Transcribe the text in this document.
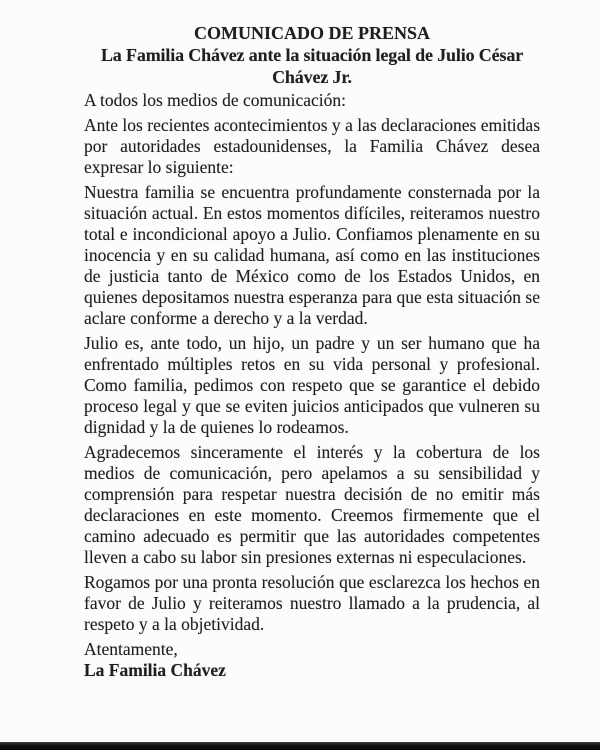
COMUNICADO DE PRENSA
La Familia Chávez ante la situación legal de Julio César Chávez Jr.

A todos los medios de comunicación:

Ante los recientes acontecimientos y a las declaraciones emitidas por autoridades estadounidenses, la Familia Chávez desea expresar lo siguiente:

Nuestra familia se encuentra profundamente consternada por la situación actual. En estos momentos difíciles, reiteramos nuestro total e incondicional apoyo a Julio. Confiamos plenamente en su inocencia y en su calidad humana, así como en las instituciones de justicia tanto de México como de los Estados Unidos, en quienes depositamos nuestra esperanza para que esta situación se aclare conforme a derecho y a la verdad.

Julio es, ante todo, un hijo, un padre y un ser humano que ha enfrentado múltiples retos en su vida personal y profesional. Como familia, pedimos con respeto que se garantice el debido proceso legal y que se eviten juicios anticipados que vulneren su dignidad y la de quienes lo rodeamos.

Agradecemos sinceramente el interés y la cobertura de los medios de comunicación, pero apelamos a su sensibilidad y comprensión para respetar nuestra decisión de no emitir más declaraciones en este momento. Creemos firmemente que el camino adecuado es permitir que las autoridades competentes lleven a cabo su labor sin presiones externas ni especulaciones.

Rogamos por una pronta resolución que esclarezca los hechos en favor de Julio y reiteramos nuestro llamado a la prudencia, al respeto y a la objetividad.

Atentamente,

La Familia Chávez
